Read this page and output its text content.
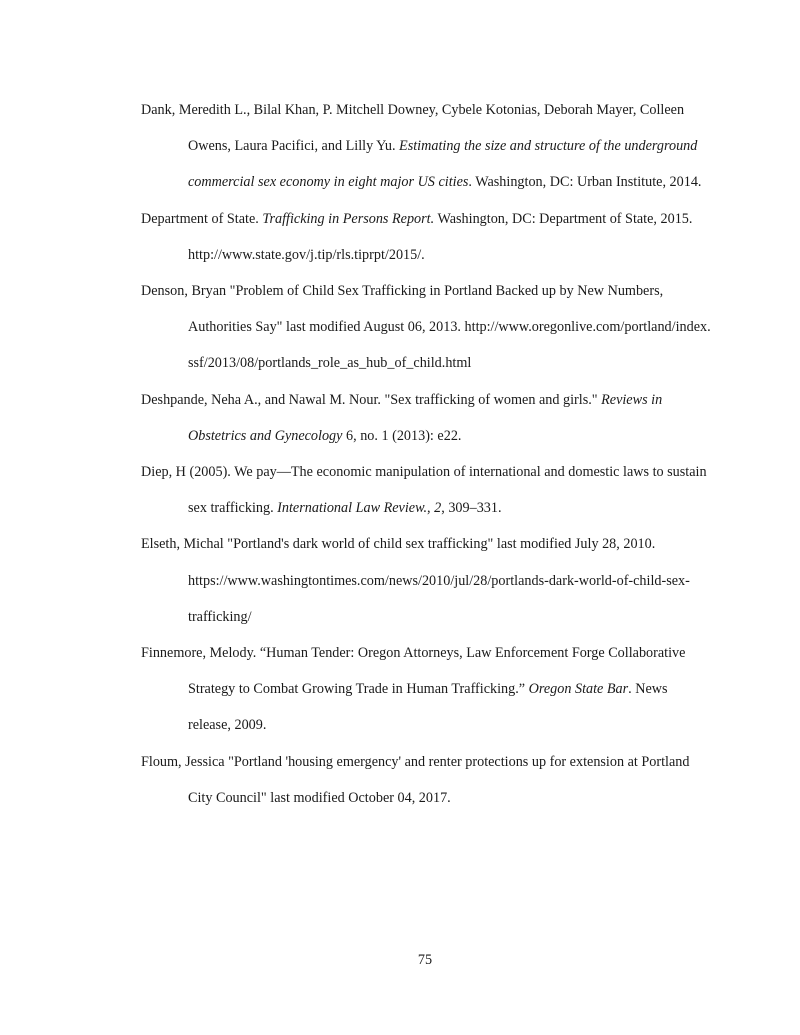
Dank, Meredith L., Bilal Khan, P. Mitchell Downey, Cybele Kotonias, Deborah Mayer, Colleen Owens, Laura Pacifici, and Lilly Yu. Estimating the size and structure of the underground commercial sex economy in eight major US cities. Washington, DC: Urban Institute, 2014.

Department of State. Trafficking in Persons Report. Washington, DC: Department of State, 2015. http://www.state.gov/j.tip/rls.tiprpt/2015/.

Denson, Bryan "Problem of Child Sex Trafficking in Portland Backed up by New Numbers, Authorities Say" last modified August 06, 2013. http://www.oregonlive.com/portland/index.ssf/2013/08/portlands_role_as_hub_of_child.html

Deshpande, Neha A., and Nawal M. Nour. "Sex trafficking of women and girls." Reviews in Obstetrics and Gynecology 6, no. 1 (2013): e22.

Diep, H (2005). We pay—The economic manipulation of international and domestic laws to sustain sex trafficking. International Law Review., 2, 309–331.

Elseth, Michal "Portland's dark world of child sex trafficking" last modified July 28, 2010. https://www.washingtontimes.com/news/2010/jul/28/portlands-dark-world-of-child-sex-trafficking/

Finnemore, Melody. “Human Tender: Oregon Attorneys, Law Enforcement Forge Collaborative Strategy to Combat Growing Trade in Human Trafficking.” Oregon State Bar. News release, 2009.

Floum, Jessica "Portland 'housing emergency' and renter protections up for extension at Portland City Council" last modified October 04, 2017.

75
